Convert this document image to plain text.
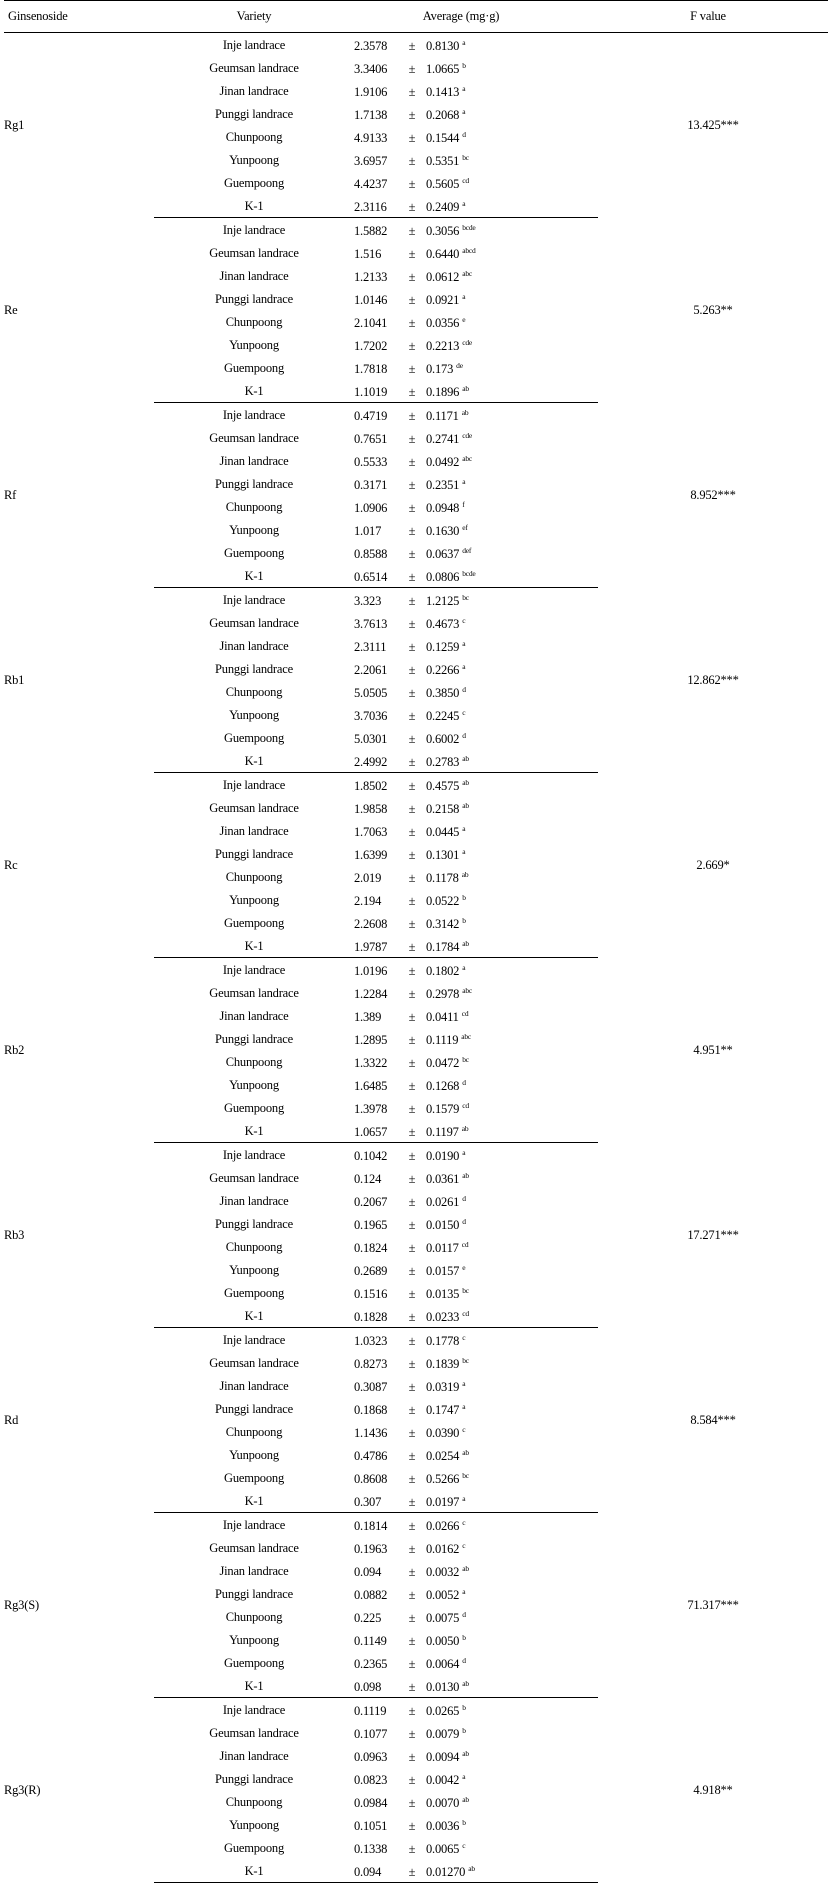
Ginsenoside	Variety	Average (mg·g)	F value
Rg1	Inje landrace	2.3578 ± 0.8130 $^a$	13.425***
	Geumsan landrace	3.3406 ± 1.0665 $^b$
	Jinan landrace	1.9106 ± 0.1413 $^a$
	Punggi landrace	1.7138 ± 0.2068 $^a$
	Chunpoong	4.9133 ± 0.1544 $^d$
	Yunpoong	3.6957 ± 0.5351 $^{bc}$
	Guempoong	4.4237 ± 0.5605 $^{cd}$
	K-1	2.3116 ± 0.2409 $^a$
Re	Inje landrace	1.5882 ± 0.3056 $^{bcde}$	5.263**
	Geumsan landrace	1.516 ± 0.6440 $^{abcd}$
	Jinan landrace	1.2133 ± 0.0612 $^{abc}$
	Punggi landrace	1.0146 ± 0.0921 $^a$
	Chunpoong	2.1041 ± 0.0356 $^e$
	Yunpoong	1.7202 ± 0.2213 $^{cde}$
	Guempoong	1.7818 ± 0.173 $^{de}$
	K-1	1.1019 ± 0.1896 $^{ab}$
Rf	Inje landrace	0.4719 ± 0.1171 $^{ab}$	8.952***
	Geumsan landrace	0.7651 ± 0.2741 $^{cde}$
	Jinan landrace	0.5533 ± 0.0492 $^{abc}$
	Punggi landrace	0.3171 ± 0.2351 $^a$
	Chunpoong	1.0906 ± 0.0948 $^f$
	Yunpoong	1.017 ± 0.1630 $^{ef}$
	Guempoong	0.8588 ± 0.0637 $^{def}$
	K-1	0.6514 ± 0.0806 $^{bcde}$
Rb1	Inje landrace	3.323 ± 1.2125 $^{bc}$	12.862***
	Geumsan landrace	3.7613 ± 0.4673 $^c$
	Jinan landrace	2.3111 ± 0.1259 $^a$
	Punggi landrace	2.2061 ± 0.2266 $^a$
	Chunpoong	5.0505 ± 0.3850 $^d$
	Yunpoong	3.7036 ± 0.2245 $^c$
	Guempoong	5.0301 ± 0.6002 $^d$
	K-1	2.4992 ± 0.2783 $^{ab}$
Rc	Inje landrace	1.8502 ± 0.4575 $^{ab}$	2.669*
	Geumsan landrace	1.9858 ± 0.2158 $^{ab}$
	Jinan landrace	1.7063 ± 0.0445 $^a$
	Punggi landrace	1.6399 ± 0.1301 $^a$
	Chunpoong	2.019 ± 0.1178 $^{ab}$
	Yunpoong	2.194 ± 0.0522 $^b$
	Guempoong	2.2608 ± 0.3142 $^b$
	K-1	1.9787 ± 0.1784 $^{ab}$
Rb2	Inje landrace	1.0196 ± 0.1802 $^a$	4.951**
	Geumsan landrace	1.2284 ± 0.2978 $^{abc}$
	Jinan landrace	1.389 ± 0.0411 $^{cd}$
	Punggi landrace	1.2895 ± 0.1119 $^{abc}$
	Chunpoong	1.3322 ± 0.0472 $^{bc}$
	Yunpoong	1.6485 ± 0.1268 $^d$
	Guempoong	1.3978 ± 0.1579 $^{cd}$
	K-1	1.0657 ± 0.1197 $^{ab}$
Rb3	Inje landrace	0.1042 ± 0.0190 $^a$	17.271***
	Geumsan landrace	0.124 ± 0.0361 $^{ab}$
	Jinan landrace	0.2067 ± 0.0261 $^d$
	Punggi landrace	0.1965 ± 0.0150 $^d$
	Chunpoong	0.1824 ± 0.0117 $^{cd}$
	Yunpoong	0.2689 ± 0.0157 $^e$
	Guempoong	0.1516 ± 0.0135 $^{bc}$
	K-1	0.1828 ± 0.0233 $^{cd}$
Rd	Inje landrace	1.0323 ± 0.1778 $^c$	8.584***
	Geumsan landrace	0.8273 ± 0.1839 $^{bc}$
	Jinan landrace	0.3087 ± 0.0319 $^a$
	Punggi landrace	0.1868 ± 0.1747 $^a$
	Chunpoong	1.1436 ± 0.0390 $^c$
	Yunpoong	0.4786 ± 0.0254 $^{ab}$
	Guempoong	0.8608 ± 0.5266 $^{bc}$
	K-1	0.307 ± 0.0197 $^a$
Rg3(S)	Inje landrace	0.1814 ± 0.0266 $^c$	71.317***
	Geumsan landrace	0.1963 ± 0.0162 $^c$
	Jinan landrace	0.094 ± 0.0032 $^{ab}$
	Punggi landrace	0.0882 ± 0.0052 $^a$
	Chunpoong	0.225 ± 0.0075 $^d$
	Yunpoong	0.1149 ± 0.0050 $^b$
	Guempoong	0.2365 ± 0.0064 $^d$
	K-1	0.098 ± 0.0130 $^{ab}$
Rg3(R)	Inje landrace	0.1119 ± 0.0265 $^b$	4.918**
	Geumsan landrace	0.1077 ± 0.0079 $^b$
	Jinan landrace	0.0963 ± 0.0094 $^{ab}$
	Punggi landrace	0.0823 ± 0.0042 $^a$
	Chunpoong	0.0984 ± 0.0070 $^{ab}$
	Yunpoong	0.1051 ± 0.0036 $^b$
	Guempoong	0.1338 ± 0.0065 $^c$
	K-1	0.094 ± 0.01270 $^{ab}$
